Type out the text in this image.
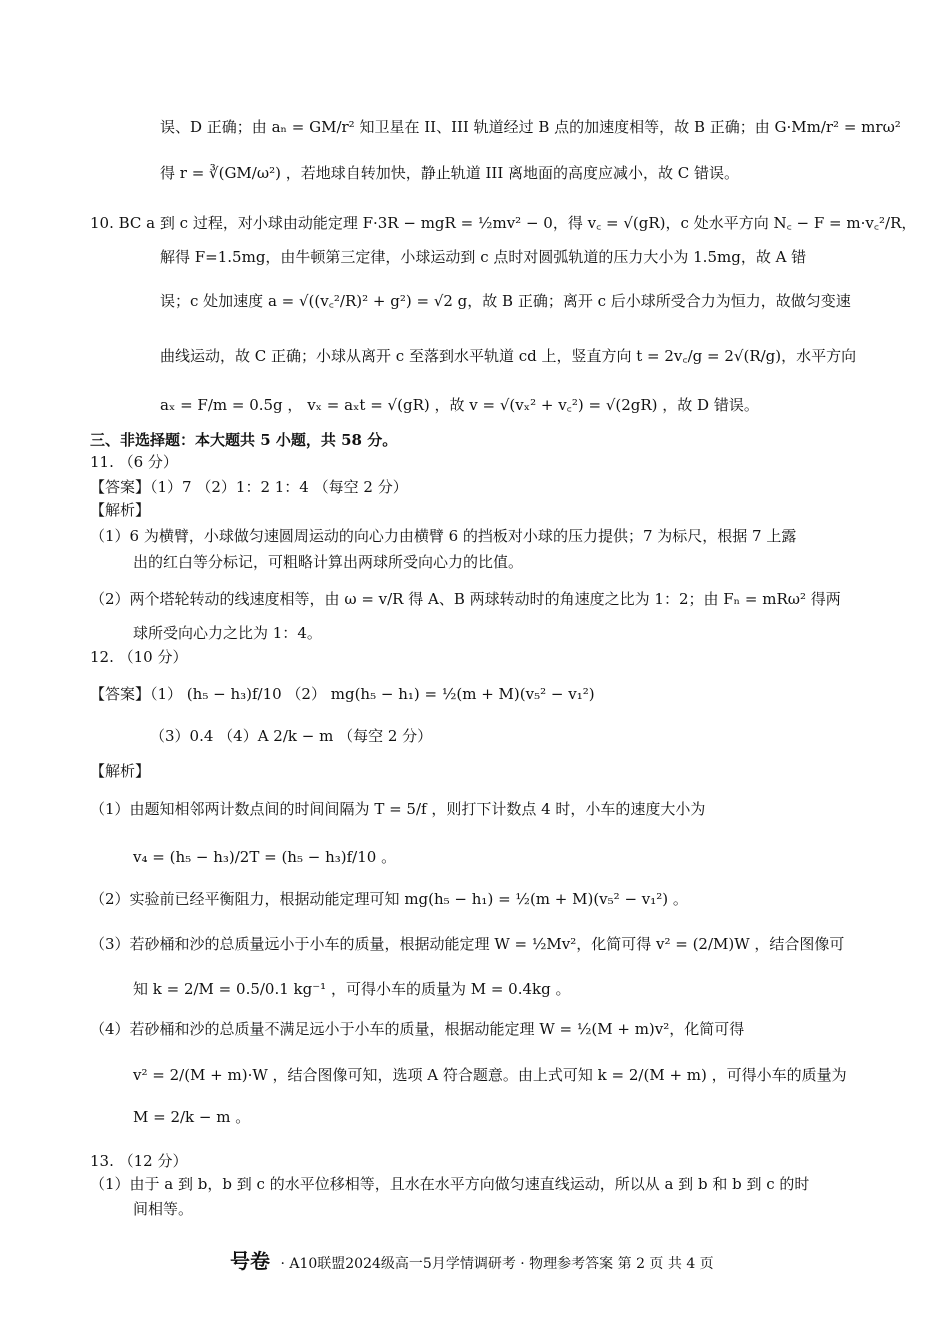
误、D 正确；由 aₙ = GM/r² 知卫星在 II、III 轨道经过 B 点的加速度相等，故 B 正确；由 G·Mm/r² = mrω²
得 r = ∛(GM/ω²) ，若地球自转加快，静止轨道 III 离地面的高度应减小，故 C 错误。
10. BC a 到 c 过程，对小球由动能定理 F·3R − mgR = ½mv² − 0，得 v꜀ = √(gR)，c 处水平方向 N꜀ − F = m·v꜀²/R，
解得 F=1.5mg，由牛顿第三定律，小球运动到 c 点时对圆弧轨道的压力大小为 1.5mg，故 A 错
误；c 处加速度 a = √((v꜀²/R)² + g²) = √2 g，故 B 正确；离开 c 后小球所受合力为恒力，故做匀变速
曲线运动，故 C 正确；小球从离开 c 至落到水平轨道 cd 上，竖直方向 t = 2v꜀/g = 2√(R/g)，水平方向
aₓ = F/m = 0.5g ， vₓ = aₓt = √(gR) ，故 v = √(vₓ² + v꜀²) = √(2gR) ，故 D 错误。
三、非选择题：本大题共 5 小题，共 58 分。
11. （6 分）
【答案】（1）7 （2）1：2 1：4 （每空 2 分）
【解析】
（1）6 为横臂，小球做匀速圆周运动的向心力由横臂 6 的挡板对小球的压力提供；7 为标尺，根据 7 上露
出的红白等分标记，可粗略计算出两球所受向心力的比值。
（2）两个塔轮转动的线速度相等，由 ω = v/R 得 A、B 两球转动时的角速度之比为 1：2；由 Fₙ = mRω² 得两
球所受向心力之比为 1：4。
12. （10 分）
【答案】（1） (h₅ − h₃)f/10 （2） mg(h₅ − h₁) = ½(m + M)(v₅² − v₁²)
（3）0.4 （4）A 2/k − m （每空 2 分）
【解析】
（1）由题知相邻两计数点间的时间间隔为 T = 5/f ，则打下计数点 4 时，小车的速度大小为
v₄ = (h₅ − h₃)/2T = (h₅ − h₃)f/10 。
（2）实验前已经平衡阻力，根据动能定理可知 mg(h₅ − h₁) = ½(m + M)(v₅² − v₁²) 。
（3）若砂桶和沙的总质量远小于小车的质量，根据动能定理 W = ½Mv²，化简可得 v² = (2/M)W ，结合图像可
知 k = 2/M = 0.5/0.1 kg⁻¹ ，可得小车的质量为 M = 0.4kg 。
（4）若砂桶和沙的总质量不满足远小于小车的质量，根据动能定理 W = ½(M + m)v²，化简可得
v² = 2/(M + m)·W ，结合图像可知，选项 A 符合题意。由上式可知 k = 2/(M + m) ，可得小车的质量为
M = 2/k − m 。
13. （12 分）
（1）由于 a 到 b，b 到 c 的水平位移相等，且水在水平方向做匀速直线运动，所以从 a 到 b 和 b 到 c 的时
间相等。
号卷 · A10联盟2024级高一5月学情调研考 · 物理参考答案 第 2 页 共 4 页
